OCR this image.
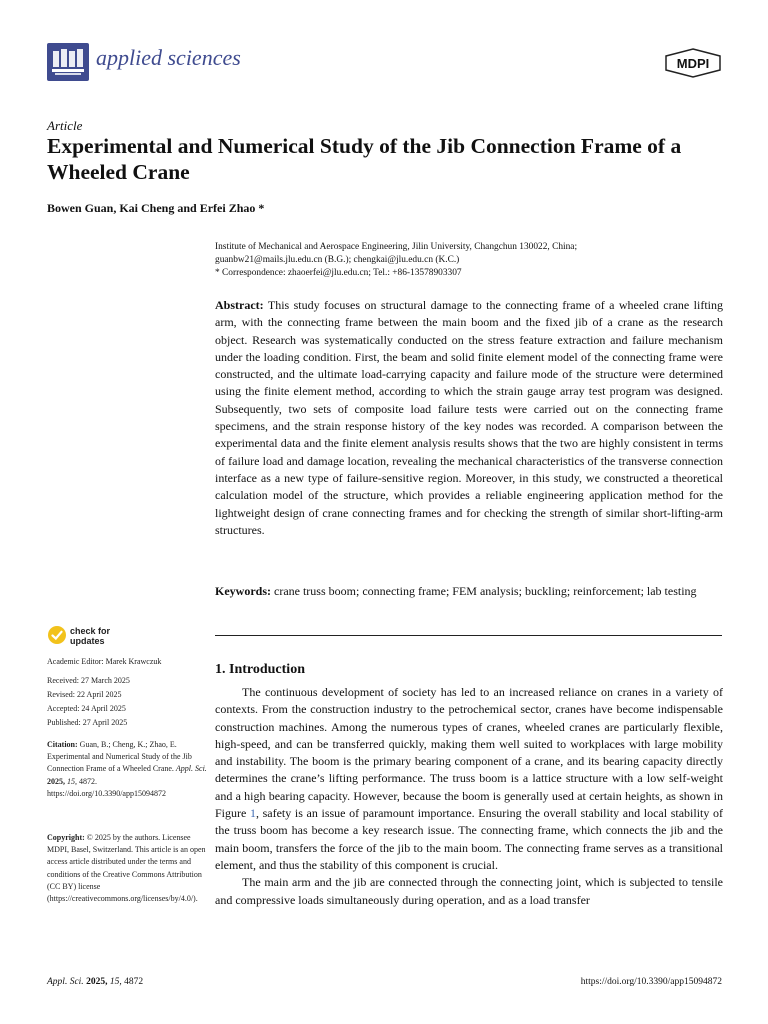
applied sciences	MDPI
Article
Experimental and Numerical Study of the Jib Connection Frame of a Wheeled Crane
Bowen Guan, Kai Cheng and Erfei Zhao *
Institute of Mechanical and Aerospace Engineering, Jilin University, Changchun 130022, China;
guanbw21@mails.jlu.edu.cn (B.G.); chengkai@jlu.edu.cn (K.C.)
* Correspondence: zhaoerfei@jlu.edu.cn; Tel.: +86-13578903307
Abstract: This study focuses on structural damage to the connecting frame of a wheeled crane lifting arm, with the connecting frame between the main boom and the fixed jib of a crane as the research object. Research was systematically conducted on the stress feature extraction and failure mechanism under the loading condition. First, the beam and solid finite element model of the connecting frame were constructed, and the ultimate load-carrying capacity and failure mode of the structure were determined using the finite element method, according to which the strain gauge array test program was designed. Subsequently, two sets of composite load failure tests were carried out on the connecting frame specimens, and the strain response history of the key nodes was recorded. A comparison between the experimental data and the finite element analysis results shows that the two are highly consistent in terms of failure load and damage location, revealing the mechanical characteristics of the transverse connection interface as a new type of failure-sensitive region. Moreover, in this study, we constructed a theoretical calculation model of the structure, which provides a reliable engineering application method for the lightweight design of crane connecting frames and for checking the strength of similar short-lifting-arm structures.
Keywords: crane truss boom; connecting frame; FEM analysis; buckling; reinforcement; lab testing
check for
updates
Academic Editor: Marek Krawczuk
Received: 27 March 2025
Revised: 22 April 2025
Accepted: 24 April 2025
Published: 27 April 2025
Citation: Guan, B.; Cheng, K.; Zhao, E. Experimental and Numerical Study of the Jib Connection Frame of a Wheeled Crane. Appl. Sci. 2025, 15, 4872. https://doi.org/10.3390/app15094872
Copyright: © 2025 by the authors. Licensee MDPI, Basel, Switzerland. This article is an open access article distributed under the terms and conditions of the Creative Commons Attribution (CC BY) license (https://creativecommons.org/licenses/by/4.0/).
1. Introduction

The continuous development of society has led to an increased reliance on cranes in a variety of contexts. From the construction industry to the petrochemical sector, cranes have become indispensable construction machines. Among the numerous types of cranes, wheeled cranes are particularly flexible, high-speed, and can be transferred quickly, making them well suited to workplaces with large mobility and instability. The boom is the primary bearing component of a crane, and its bearing capacity directly determines the crane’s lifting performance. The truss boom is a lattice structure with a low self-weight and a high bearing capacity. However, because the boom is generally used at certain heights, as shown in Figure 1, safety is an issue of paramount importance. Ensuring the overall stability and local stability of the truss boom has become a key research issue. The connecting frame, which connects the jib and the main boom, transfers the force of the jib to the main boom. The connecting frame serves as a transitional element, and thus the stability of this component is crucial.

The main arm and the jib are connected through the connecting joint, which is subjected to tensile and compressive loads simultaneously during operation, and as a load transfer

Appl. Sci. 2025, 15, 4872	https://doi.org/10.3390/app15094872
